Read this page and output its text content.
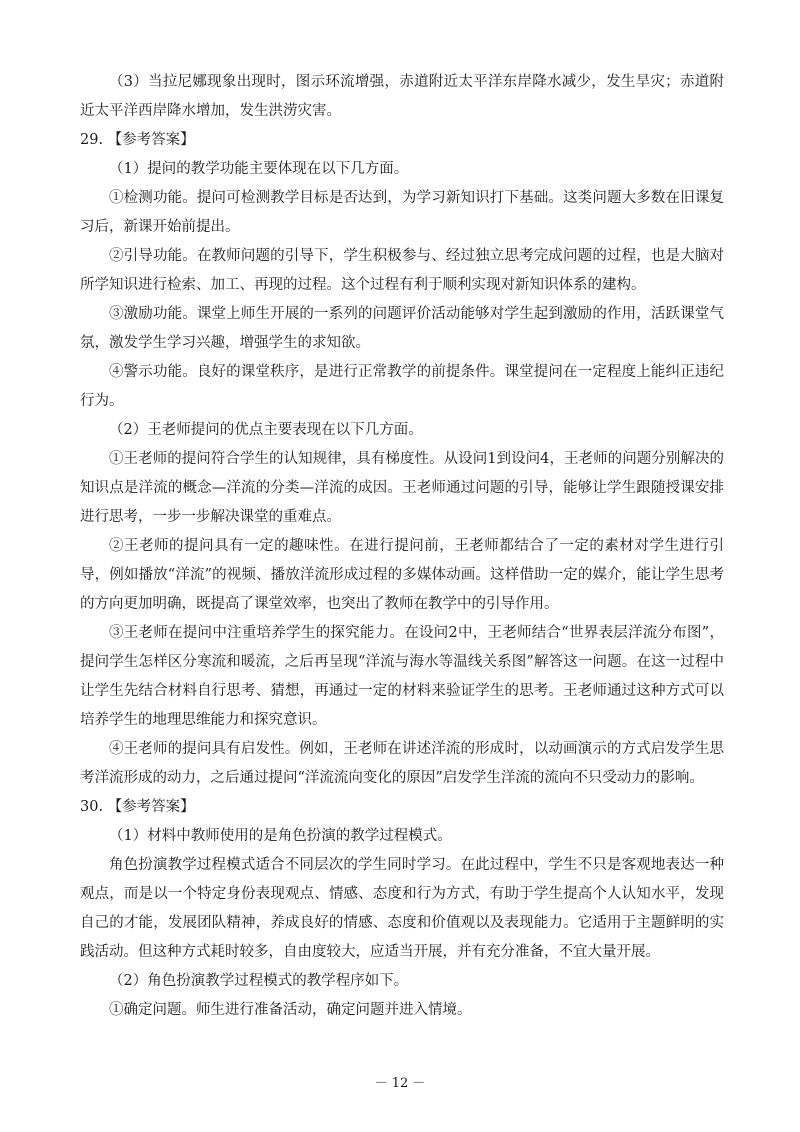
（3）当拉尼娜现象出现时，图示环流增强，赤道附近太平洋东岸降水减少，发生旱灾；赤道附近太平洋西岸降水增加，发生洪涝灾害。

29. 【参考答案】

（1）提问的教学功能主要体现在以下几方面。

①检测功能。提问可检测教学目标是否达到，为学习新知识打下基础。这类问题大多数在旧课复习后，新课开始前提出。

②引导功能。在教师问题的引导下，学生积极参与、经过独立思考完成问题的过程，也是大脑对所学知识进行检索、加工、再现的过程。这个过程有利于顺利实现对新知识体系的建构。

③激励功能。课堂上师生开展的一系列的问题评价活动能够对学生起到激励的作用，活跃课堂气氛，激发学生学习兴趣，增强学生的求知欲。

④警示功能。良好的课堂秩序，是进行正常教学的前提条件。课堂提问在一定程度上能纠正违纪行为。

（2）王老师提问的优点主要表现在以下几方面。

①王老师的提问符合学生的认知规律，具有梯度性。从设问1到设问4，王老师的问题分别解决的知识点是洋流的概念—洋流的分类—洋流的成因。王老师通过问题的引导，能够让学生跟随授课安排进行思考，一步一步解决课堂的重难点。

②王老师的提问具有一定的趣味性。在进行提问前，王老师都结合了一定的素材对学生进行引导，例如播放“洋流”的视频、播放洋流形成过程的多媒体动画。这样借助一定的媒介，能让学生思考的方向更加明确，既提高了课堂效率，也突出了教师在教学中的引导作用。

③王老师在提问中注重培养学生的探究能力。在设问2中，王老师结合“世界表层洋流分布图”，提问学生怎样区分寒流和暖流，之后再呈现“洋流与海水等温线关系图”解答这一问题。在这一过程中让学生先结合材料自行思考、猜想，再通过一定的材料来验证学生的思考。王老师通过这种方式可以培养学生的地理思维能力和探究意识。

④王老师的提问具有启发性。例如，王老师在讲述洋流的形成时，以动画演示的方式启发学生思考洋流形成的动力，之后通过提问“洋流流向变化的原因”启发学生洋流的流向不只受动力的影响。

30. 【参考答案】

（1）材料中教师使用的是角色扮演的教学过程模式。

角色扮演教学过程模式适合不同层次的学生同时学习。在此过程中，学生不只是客观地表达一种观点，而是以一个特定身份表现观点、情感、态度和行为方式，有助于学生提高个人认知水平，发现自己的才能，发展团队精神，养成良好的情感、态度和价值观以及表现能力。它适用于主题鲜明的实践活动。但这种方式耗时较多，自由度较大，应适当开展，并有充分准备，不宜大量开展。

（2）角色扮演教学过程模式的教学程序如下。

①确定问题。师生进行准备活动，确定问题并进入情境。

－ 12 －
